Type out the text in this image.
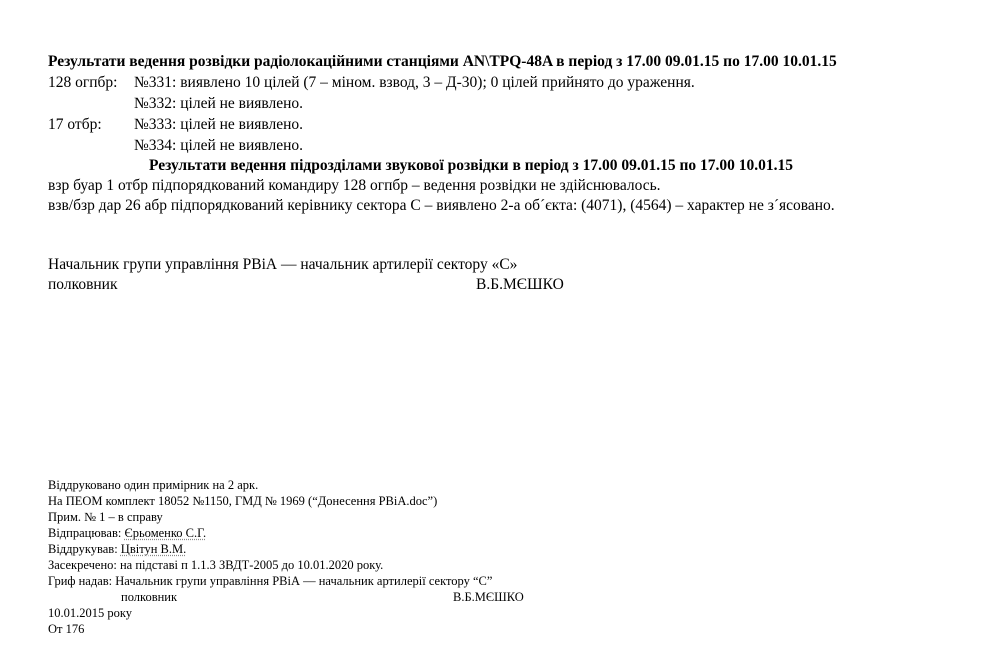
Результати ведення розвідки радіолокаційними станціями AN\TPQ-48A в період з 17.00 09.01.15 по 17.00 10.01.15
128 огпбр: №331: виявлено 10 цілей (7 – міном. взвод, 3 – Д-30); 0 цілей прийнято до ураження.
№332: цілей не виявлено.
17 отбр: №333: цілей не виявлено.
№334: цілей не виявлено.
Результати ведення підрозділами звукової розвідки в період з 17.00 09.01.15 по 17.00 10.01.15
взр буар 1 отбр підпорядкований командиру 128 огпбр – ведення розвідки не здійснювалось.
взв/бзр дар 26 абр підпорядкований керівнику сектора С – виявлено 2-а об´єкта: (4071), (4564) – характер не з´ясовано.
Начальник групи управління РВіА — начальник артилерії сектору «С»
полковник	В.Б.МЄШКО
Віддруковано один примірник на 2 арк.
На ПЕОМ комплект 18052 №1150, ГМД № 1969 (“Донесення РВіА.doc”)
Прим. № 1 – в справу
Відпрацював: Єрьоменко С.Г.
Віддрукував: Цвітун В.М.
Засекречено: на підставі п 1.1.3 ЗВДТ-2005 до 10.01.2020 року.
Гриф надав: Начальник групи управління РВіА — начальник артилерії сектору “С”
полковник	В.Б.МЄШКО
10.01.2015 року
От 176
